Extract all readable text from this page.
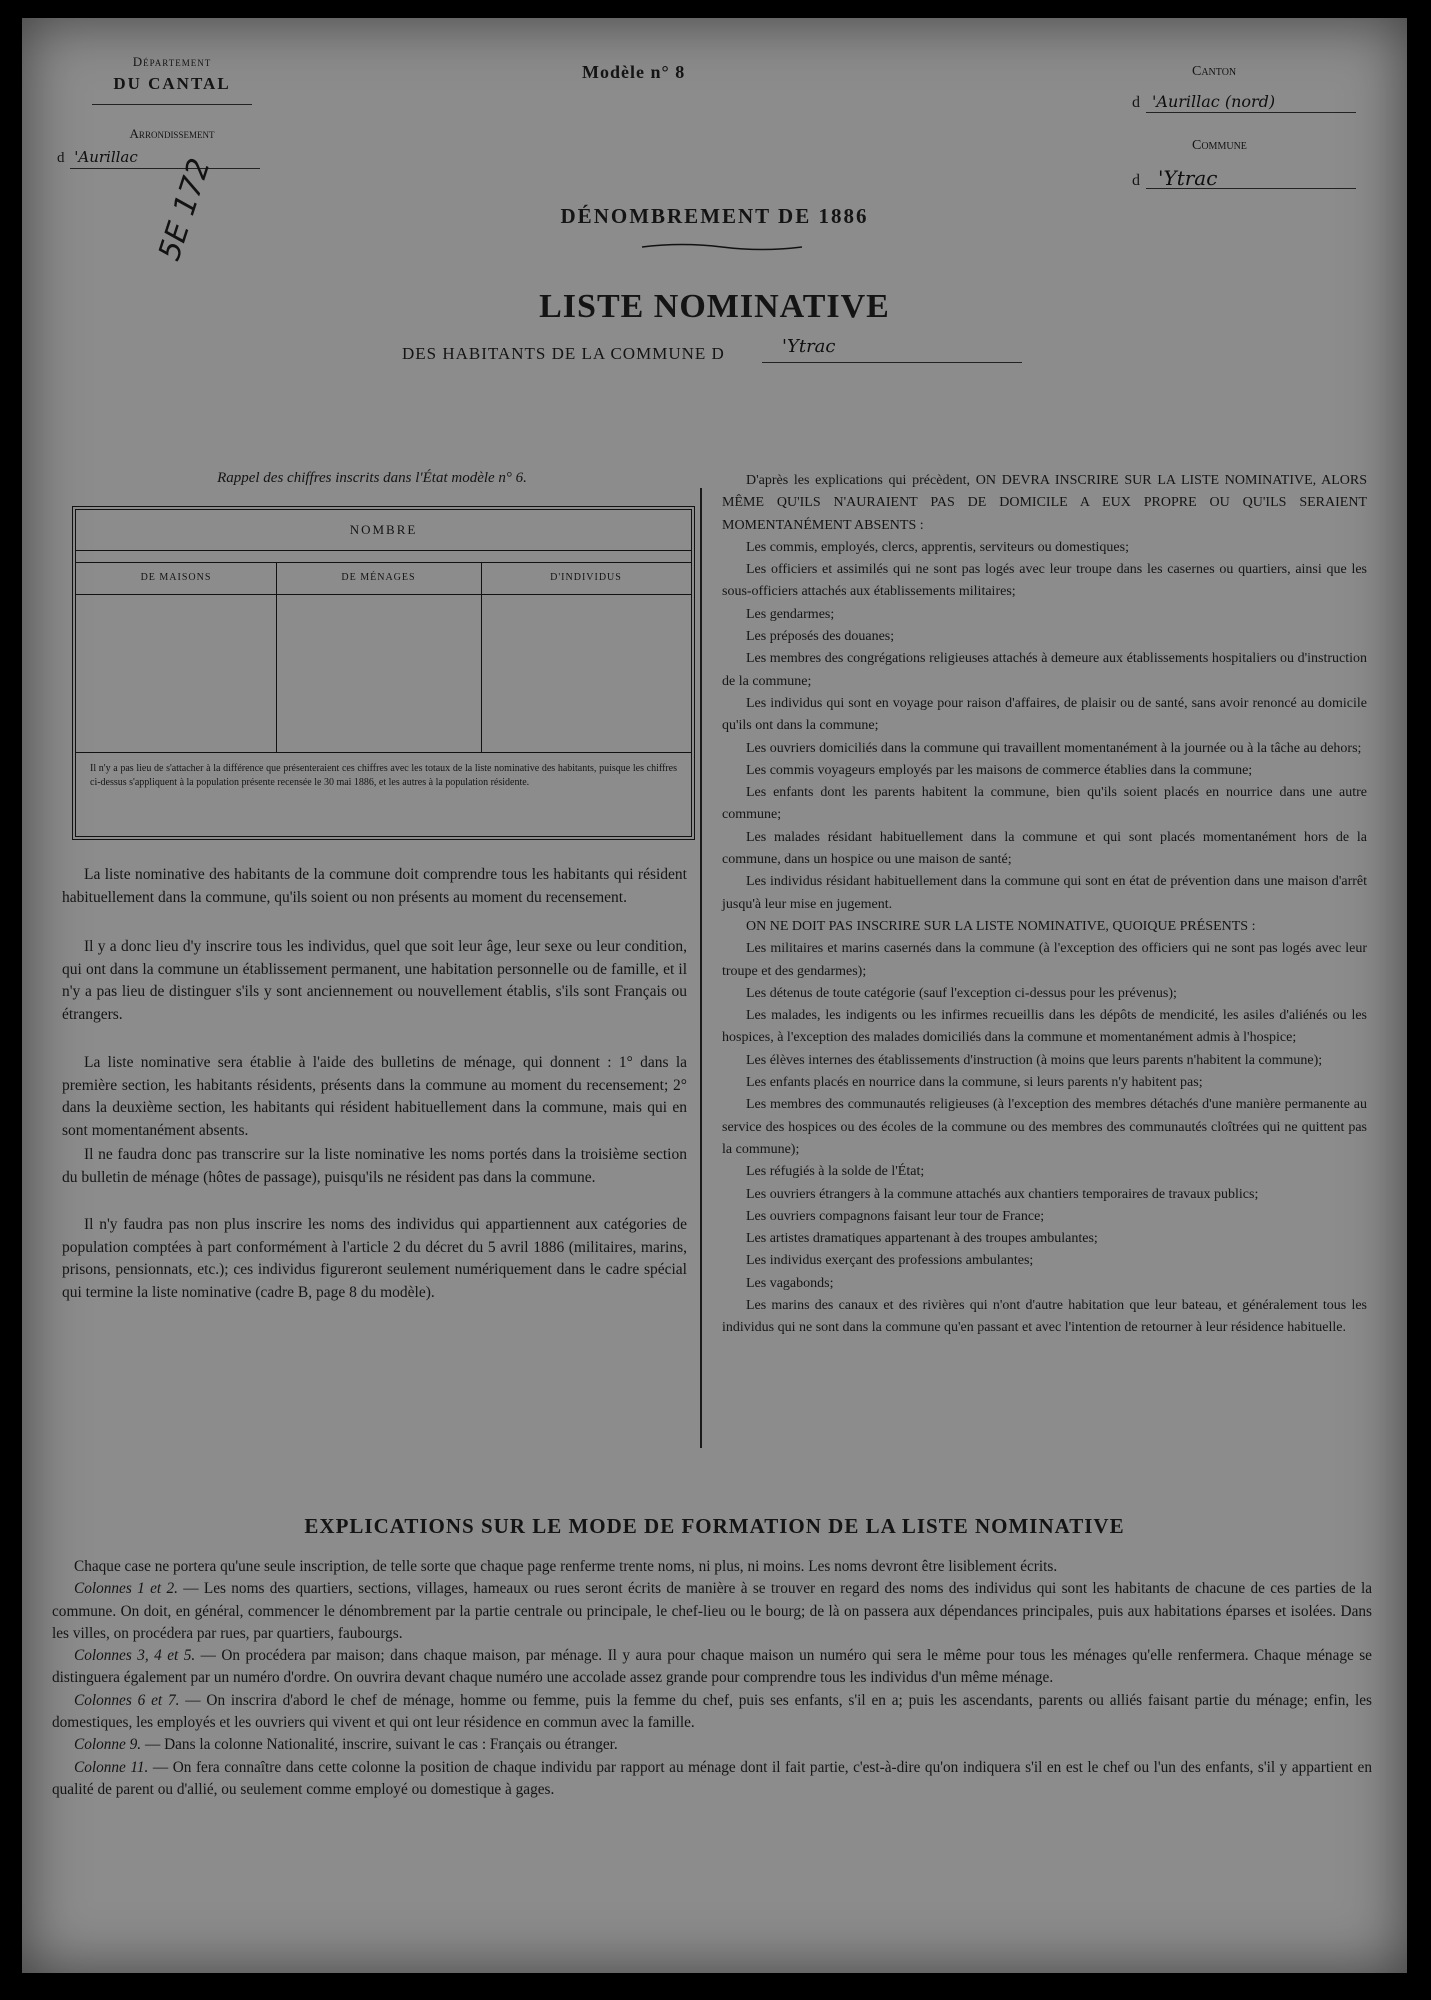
Département
DU CANTAL
Arrondissement
d 'Aurillac
Modèle n° 8	Canton
d 'Aurillac (nord)
Commune
d 'Ytrac
5E 172	DÉNOMBREMENT DE 1886
LISTE NOMINATIVE
DES HABITANTS DE LA COMMUNE D	'Ytrac
Rappel des chiffres inscrits dans l'État modèle n° 6.
NOMBRE
DE MAISONS	DE MÉNAGES	D'INDIVIDUS
Il n'y a pas lieu de s'attacher à la différence que présenteraient ces chiffres avec les totaux de la liste nominative des habitants, puisque les chiffres ci-dessus s'appliquent à la population présente recensée le 30 mai 1886, et les autres à la population résidente.
La liste nominative des habitants de la commune doit comprendre tous les habitants qui résident habituellement dans la commune, qu'ils soient ou non présents au moment du recensement.
Il y a donc lieu d'y inscrire tous les individus, quel que soit leur âge, leur sexe ou leur condition, qui ont dans la commune un établissement permanent, une habitation personnelle ou de famille, et il n'y a pas lieu de distinguer s'ils y sont anciennement ou nouvellement établis, s'ils sont Français ou étrangers.
La liste nominative sera établie à l'aide des bulletins de ménage, qui donnent : 1° dans la première section, les habitants résidents, présents dans la commune au moment du recensement; 2° dans la deuxième section, les habitants qui résident habituellement dans la commune, mais qui en sont momentanément absents.
Il ne faudra donc pas transcrire sur la liste nominative les noms portés dans la troisième section du bulletin de ménage (hôtes de passage), puisqu'ils ne résident pas dans la commune.
Il n'y faudra pas non plus inscrire les noms des individus qui appartiennent aux catégories de population comptées à part conformément à l'article 2 du décret du 5 avril 1886 (militaires, marins, prisons, pensionnats, etc.); ces individus figureront seulement numériquement dans le cadre spécial qui termine la liste nominative (cadre B, page 8 du modèle).
D'après les explications qui précèdent, ON DEVRA INSCRIRE SUR LA LISTE NOMINATIVE, ALORS MÊME QU'ILS N'AURAIENT PAS DE DOMICILE A EUX PROPRE OU QU'ILS SERAIENT MOMENTANÉMENT ABSENTS :
Les commis, employés, clercs, apprentis, serviteurs ou domestiques;
Les officiers et assimilés qui ne sont pas logés avec leur troupe dans les casernes ou quartiers, ainsi que les sous-officiers attachés aux établissements militaires;
Les gendarmes;
Les préposés des douanes;
Les membres des congrégations religieuses attachés à demeure aux établissements hospitaliers ou d'instruction de la commune;
Les individus qui sont en voyage pour raison d'affaires, de plaisir ou de santé, sans avoir renoncé au domicile qu'ils ont dans la commune;
Les ouvriers domiciliés dans la commune qui travaillent momentanément à la journée ou à la tâche au dehors;
Les commis voyageurs employés par les maisons de commerce établies dans la commune;
Les enfants dont les parents habitent la commune, bien qu'ils soient placés en nourrice dans une autre commune;
Les malades résidant habituellement dans la commune et qui sont placés momentanément hors de la commune, dans un hospice ou une maison de santé;
Les individus résidant habituellement dans la commune qui sont en état de prévention dans une maison d'arrêt jusqu'à leur mise en jugement.
ON NE DOIT PAS INSCRIRE SUR LA LISTE NOMINATIVE, QUOIQUE PRÉSENTS :
Les militaires et marins casernés dans la commune (à l'exception des officiers qui ne sont pas logés avec leur troupe et des gendarmes);
Les détenus de toute catégorie (sauf l'exception ci-dessus pour les prévenus);
Les malades, les indigents ou les infirmes recueillis dans les dépôts de mendicité, les asiles d'aliénés ou les hospices, à l'exception des malades domiciliés dans la commune et momentanément admis à l'hospice;
Les élèves internes des établissements d'instruction (à moins que leurs parents n'habitent la commune);
Les enfants placés en nourrice dans la commune, si leurs parents n'y habitent pas;
Les membres des communautés religieuses (à l'exception des membres détachés d'une manière permanente au service des hospices ou des écoles de la commune ou des membres des communautés cloîtrées qui ne quittent pas la commune);
Les réfugiés à la solde de l'État;
Les ouvriers étrangers à la commune attachés aux chantiers temporaires de travaux publics;
Les ouvriers compagnons faisant leur tour de France;
Les artistes dramatiques appartenant à des troupes ambulantes;
Les individus exerçant des professions ambulantes;
Les vagabonds;
Les marins des canaux et des rivières qui n'ont d'autre habitation que leur bateau, et généralement tous les individus qui ne sont dans la commune qu'en passant et avec l'intention de retourner à leur résidence habituelle.
EXPLICATIONS SUR LE MODE DE FORMATION DE LA LISTE NOMINATIVE
Chaque case ne portera qu'une seule inscription, de telle sorte que chaque page renferme trente noms, ni plus, ni moins. Les noms devront être lisiblement écrits.
Colonnes 1 et 2. — Les noms des quartiers, sections, villages, hameaux ou rues seront écrits de manière à se trouver en regard des noms des individus qui sont les habitants de chacune de ces parties de la commune. On doit, en général, commencer le dénombrement par la partie centrale ou principale, le chef-lieu ou le bourg; de là on passera aux dépendances principales, puis aux habitations éparses et isolées. Dans les villes, on procédera par rues, par quartiers, faubourgs.
Colonnes 3, 4 et 5. — On procédera par maison; dans chaque maison, par ménage. Il y aura pour chaque maison un numéro qui sera le même pour tous les ménages qu'elle renfermera. Chaque ménage se distinguera également par un numéro d'ordre. On ouvrira devant chaque numéro une accolade assez grande pour comprendre tous les individus d'un même ménage.
Colonnes 6 et 7. — On inscrira d'abord le chef de ménage, homme ou femme, puis la femme du chef, puis ses enfants, s'il en a; puis les ascendants, parents ou alliés faisant partie du ménage; enfin, les domestiques, les employés et les ouvriers qui vivent et qui ont leur résidence en commun avec la famille.
Colonne 9. — Dans la colonne Nationalité, inscrire, suivant le cas : Français ou étranger.
Colonne 11. — On fera connaître dans cette colonne la position de chaque individu par rapport au ménage dont il fait partie, c'est-à-dire qu'on indiquera s'il en est le chef ou l'un des enfants, s'il y appartient en qualité de parent ou d'allié, ou seulement comme employé ou domestique à gages.
